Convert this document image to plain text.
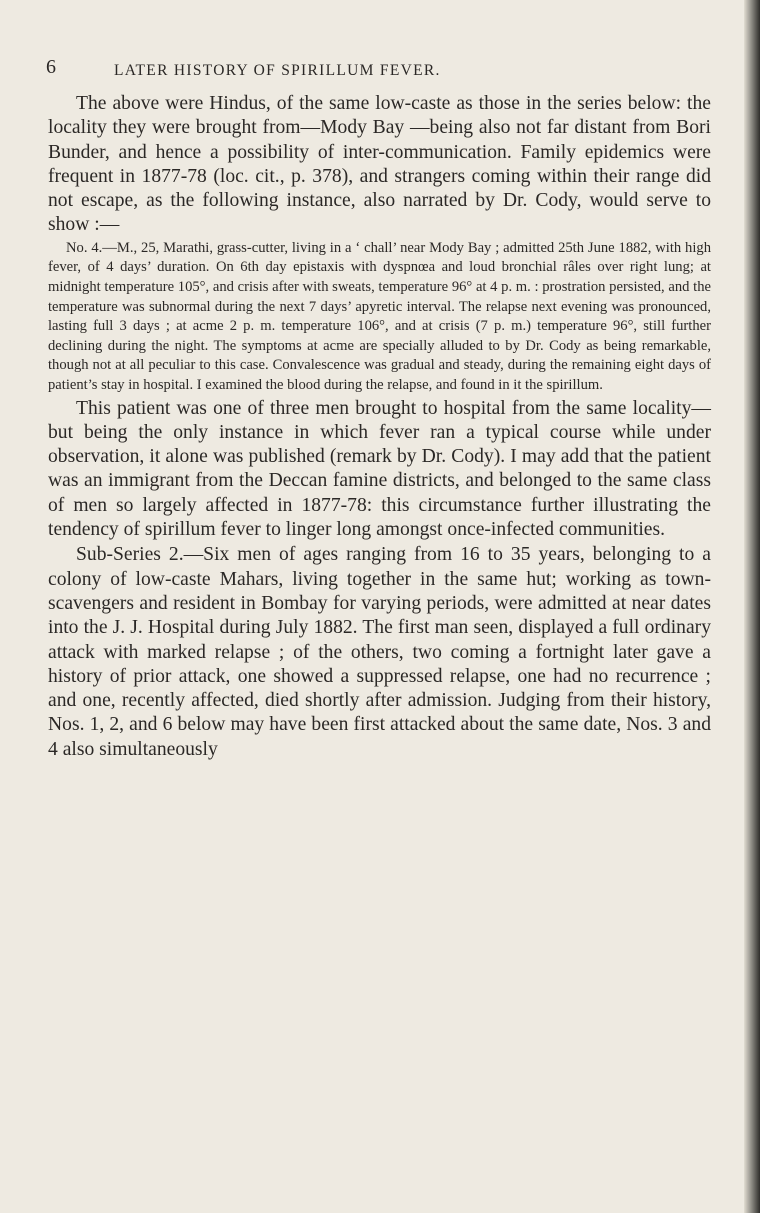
6	LATER HISTORY OF SPIRILLUM FEVER.

The above were Hindus, of the same low-caste as those in the series below: the locality they were brought from—Mody Bay —being also not far distant from Bori Bunder, and hence a possibility of inter-communication. Family epidemics were frequent in 1877-78 (loc. cit., p. 378), and strangers coming within their range did not escape, as the following instance, also narrated by Dr. Cody, would serve to show :—

No. 4.—M., 25, Marathi, grass-cutter, living in a ‘ chall’ near Mody Bay ; admitted 25th June 1882, with high fever, of 4 days’ duration. On 6th day epistaxis with dyspnœa and loud bronchial râles over right lung; at midnight temperature 105°, and crisis after with sweats, temperature 96° at 4 p. m. : prostration persisted, and the temperature was subnormal during the next 7 days’ apyretic interval. The relapse next evening was pronounced, lasting full 3 days ; at acme 2 p. m. temperature 106°, and at crisis (7 p. m.) temperature 96°, still further declining during the night. The symptoms at acme are specially alluded to by Dr. Cody as being remarkable, though not at all peculiar to this case. Convalescence was gradual and steady, during the remaining eight days of patient’s stay in hospital. I examined the blood during the relapse, and found in it the spirillum.

This patient was one of three men brought to hospital from the same locality—but being the only instance in which fever ran a typical course while under observation, it alone was published (remark by Dr. Cody). I may add that the patient was an immigrant from the Deccan famine districts, and belonged to the same class of men so largely affected in 1877-78: this circumstance further illustrating the tendency of spirillum fever to linger long amongst once-infected communities.

Sub-Series 2.—Six men of ages ranging from 16 to 35 years, belonging to a colony of low-caste Mahars, living together in the same hut; working as town-scavengers and resident in Bombay for varying periods, were admitted at near dates into the J. J. Hospital during July 1882. The first man seen, displayed a full ordinary attack with marked relapse ; of the others, two coming a fortnight later gave a history of prior attack, one showed a suppressed relapse, one had no recurrence ; and one, recently affected, died shortly after admission. Judging from their history, Nos. 1, 2, and 6 below may have been first attacked about the same date, Nos. 3 and 4 also simultaneously
